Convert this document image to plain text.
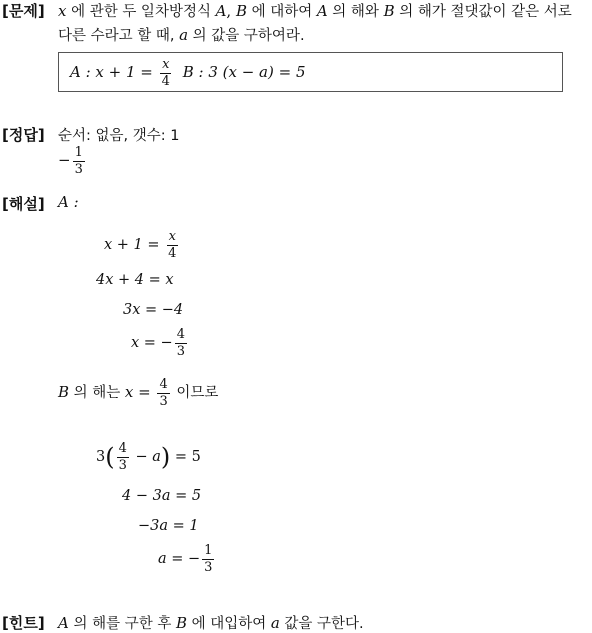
[문제] x 에 관한 두 일차방정식 A, B 에 대하여 A 의 해와 B 의 해가 절댓값이 같은 서로
다른 수라고 할 때, a 의 값을 구하여라.
A : $x + 1 = \frac{x}{4}$ B : 3 (x − a) = 5
[정답] 순서: 없음, 갯수: 1
− $\frac{1}{3}$
[해설] A :
$x + 1 = \frac{x}{4}$
4x + 4 = x
3x = −4
x = − $\frac{4}{3}$
B 의 해는 $x = \frac{4}{3}$ 이므로
$3( \frac{4}{3} - a) = 5$
4 − 3a = 5
−3a = 1
a = − $\frac{1}{3}$
[힌트] A 의 해를 구한 후 B 에 대입하여 a 값을 구한다.
